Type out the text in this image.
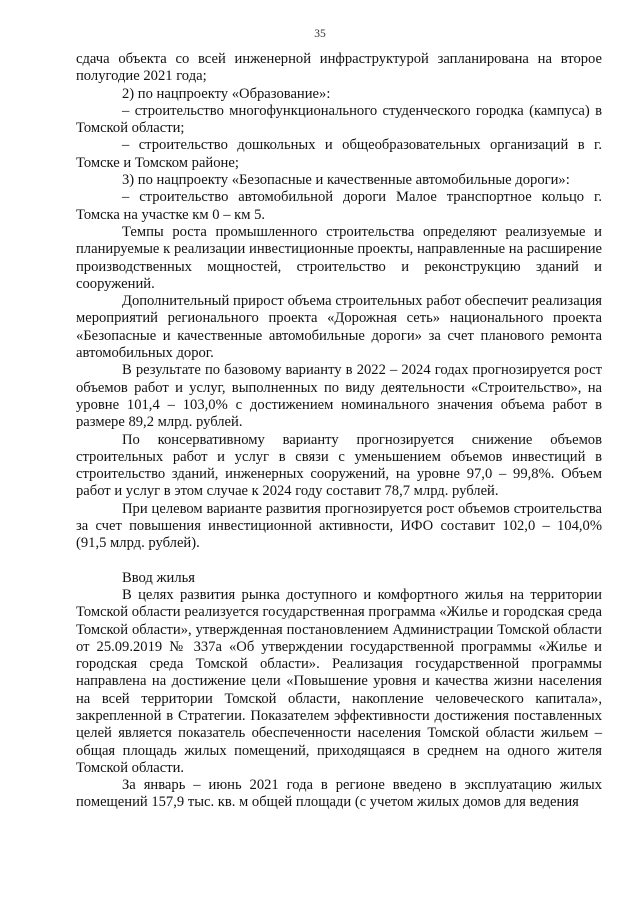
35

сдача объекта со всей инженерной инфраструктурой запланирована на второе полугодие 2021 года;

2) по нацпроекту «Образование»:

– строительство многофункционального студенческого городка (кампуса) в Томской области;

– строительство дошкольных и общеобразовательных организаций в г. Томске и Томском районе;

3) по нацпроекту «Безопасные и качественные автомобильные дороги»:

– строительство автомобильной дороги Малое транспортное кольцо г. Томска на участке км 0 – км 5.

Темпы роста промышленного строительства определяют реализуемые и планируемые к реализации инвестиционные проекты, направленные на расширение производственных мощностей, строительство и реконструкцию зданий и сооружений.

Дополнительный прирост объема строительных работ обеспечит реализация мероприятий регионального проекта «Дорожная сеть» национального проекта «Безопасные и качественные автомобильные дороги» за счет планового ремонта автомобильных дорог.

В результате по базовому варианту в 2022 – 2024 годах прогнозируется рост объемов работ и услуг, выполненных по виду деятельности «Строительство», на уровне 101,4 – 103,0% с достижением номинального значения объема работ в размере 89,2 млрд. рублей.

По консервативному варианту прогнозируется снижение объемов строительных работ и услуг в связи с уменьшением объемов инвестиций в строительство зданий, инженерных сооружений, на уровне 97,0 – 99,8%. Объем работ и услуг в этом случае к 2024 году составит 78,7 млрд. рублей.

При целевом варианте развития прогнозируется рост объемов строительства за счет повышения инвестиционной активности, ИФО составит 102,0 – 104,0% (91,5 млрд. рублей).

Ввод жилья

В целях развития рынка доступного и комфортного жилья на территории Томской области реализуется государственная программа «Жилье и городская среда Томской области», утвержденная постановлением Администрации Томской области от 25.09.2019 № 337а «Об утверждении государственной программы «Жилье и городская среда Томской области». Реализация государственной программы направлена на достижение цели «Повышение уровня и качества жизни населения на всей территории Томской области, накопление человеческого капитала», закрепленной в Стратегии. Показателем эффективности достижения поставленных целей является показатель обеспеченности населения Томской области жильем – общая площадь жилых помещений, приходящаяся в среднем на одного жителя Томской области.

За январь – июнь 2021 года в регионе введено в эксплуатацию жилых помещений 157,9 тыс. кв. м общей площади (с учетом жилых домов для ведения
